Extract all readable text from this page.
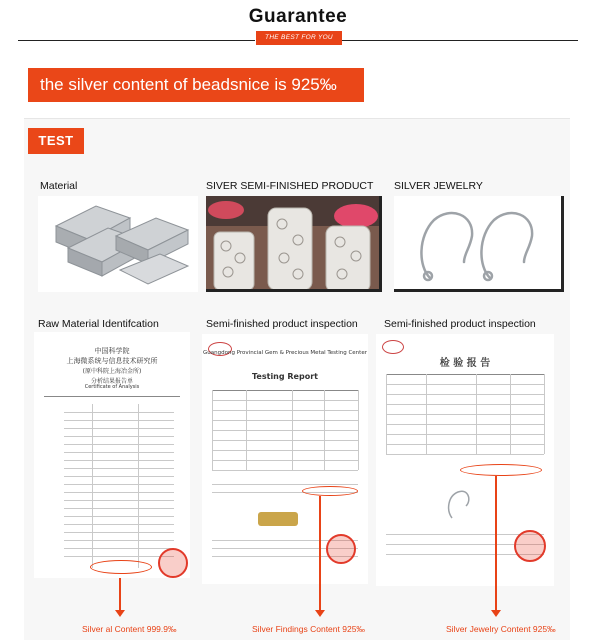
Guarantee
THE BEST FOR YOU
the silver content of beadsnice is 925‰
TEST
Material	SIVER SEMI-FINISHED PRODUCT SILVER JEWELRY
Raw Material Identifcation	Semi-finished product inspection	Semi-finished product inspection
中国科学院
上海微系统与信息技术研究所
(原中科院上海冶金所)
分析结果报告单
Certificate of Analysis
Guangdong Provincial Gem & Precious Metal Testing Center
Testing Report
检 验 报 告
Silver al Content 999.9‰	Silver Findings Content 925‰	Silver Jewelry Content 925‰
